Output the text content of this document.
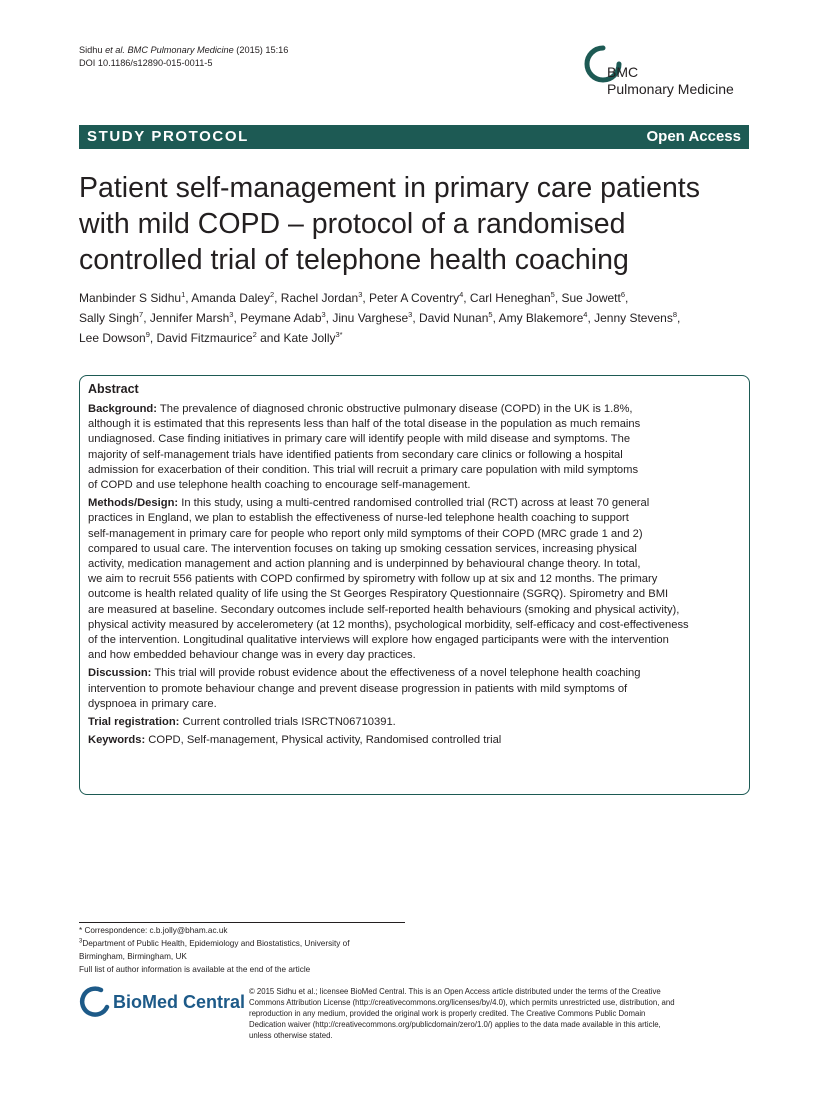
Sidhu et al. BMC Pulmonary Medicine (2015) 15:16
DOI 10.1186/s12890-015-0011-5
BMC
Pulmonary Medicine
STUDY PROTOCOL	Open Access
Patient self-management in primary care patients
with mild COPD – protocol of a randomised
controlled trial of telephone health coaching
Manbinder S Sidhu$^1$, Amanda Daley$^2$, Rachel Jordan$^3$, Peter A Coventry$^4$, Carl Heneghan$^5$, Sue Jowett$^6$,
Sally Singh$^7$, Jennifer Marsh$^3$, Peymane Adab$^3$, Jinu Varghese$^3$, David Nunan$^5$, Amy Blakemore$^4$, Jenny Stevens$^8$,
Lee Dowson$^9$, David Fitzmaurice$^2$ and Kate Jolly$^{3*}$
Abstract

Background: The prevalence of diagnosed chronic obstructive pulmonary disease (COPD) in the UK is 1.8%,
although it is estimated that this represents less than half of the total disease in the population as much remains
undiagnosed. Case finding initiatives in primary care will identify people with mild disease and symptoms. The
majority of self-management trials have identified patients from secondary care clinics or following a hospital
admission for exacerbation of their condition. This trial will recruit a primary care population with mild symptoms
of COPD and use telephone health coaching to encourage self-management.

Methods/Design: In this study, using a multi-centred randomised controlled trial (RCT) across at least 70 general
practices in England, we plan to establish the effectiveness of nurse-led telephone health coaching to support
self-management in primary care for people who report only mild symptoms of their COPD (MRC grade 1 and 2)
compared to usual care. The intervention focuses on taking up smoking cessation services, increasing physical
activity, medication management and action planning and is underpinned by behavioural change theory. In total,
we aim to recruit 556 patients with COPD confirmed by spirometry with follow up at six and 12 months. The primary
outcome is health related quality of life using the St Georges Respiratory Questionnaire (SGRQ). Spirometry and BMI
are measured at baseline. Secondary outcomes include self-reported health behaviours (smoking and physical activity),
physical activity measured by accelerometery (at 12 months), psychological morbidity, self-efficacy and cost-effectiveness
of the intervention. Longitudinal qualitative interviews will explore how engaged participants were with the intervention
and how embedded behaviour change was in every day practices.

Discussion: This trial will provide robust evidence about the effectiveness of a novel telephone health coaching
intervention to promote behaviour change and prevent disease progression in patients with mild symptoms of
dyspnoea in primary care.

Trial registration: Current controlled trials ISRCTN06710391.

Keywords: COPD, Self-management, Physical activity, Randomised controlled trial

* Correspondence: c.b.jolly@bham.ac.uk
$^3$Department of Public Health, Epidemiology and Biostatistics, University of
Birmingham, Birmingham, UK
Full list of author information is available at the end of the article
BioMed Central
© 2015 Sidhu et al.; licensee BioMed Central. This is an Open Access article distributed under the terms of the Creative
Commons Attribution License (http://creativecommons.org/licenses/by/4.0), which permits unrestricted use, distribution, and
reproduction in any medium, provided the original work is properly credited. The Creative Commons Public Domain
Dedication waiver (http://creativecommons.org/publicdomain/zero/1.0/) applies to the data made available in this article,
unless otherwise stated.
